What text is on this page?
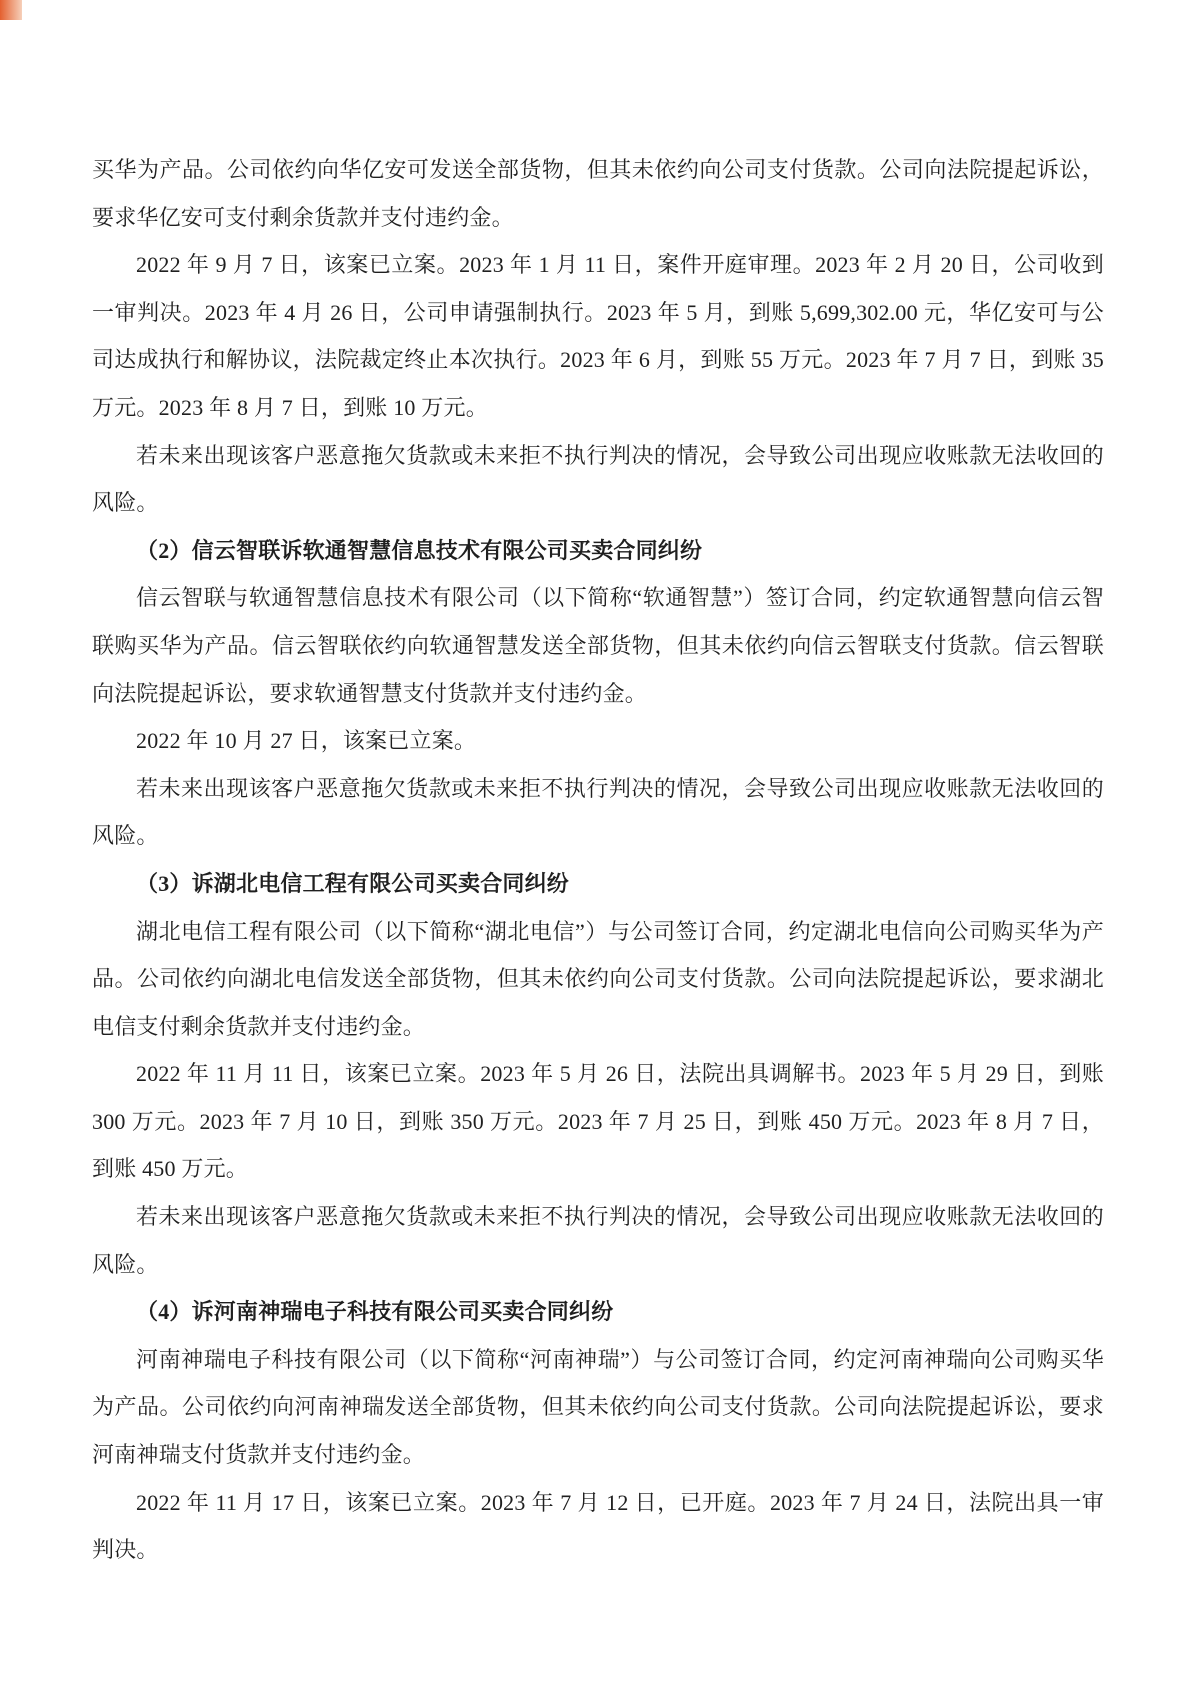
买华为产品。公司依约向华亿安可发送全部货物，但其未依约向公司支付货款。公司向法院提起诉讼，要求华亿安可支付剩余货款并支付违约金。

2022 年 9 月 7 日，该案已立案。2023 年 1 月 11 日，案件开庭审理。2023 年 2 月 20 日，公司收到一审判决。2023 年 4 月 26 日，公司申请强制执行。2023 年 5 月，到账 5,699,302.00 元，华亿安可与公司达成执行和解协议，法院裁定终止本次执行。2023 年 6 月，到账 55 万元。2023 年 7 月 7 日，到账 35 万元。2023 年 8 月 7 日，到账 10 万元。

若未来出现该客户恶意拖欠货款或未来拒不执行判决的情况，会导致公司出现应收账款无法收回的风险。

（2）信云智联诉软通智慧信息技术有限公司买卖合同纠纷

信云智联与软通智慧信息技术有限公司（以下简称“软通智慧”）签订合同，约定软通智慧向信云智联购买华为产品。信云智联依约向软通智慧发送全部货物，但其未依约向信云智联支付货款。信云智联向法院提起诉讼，要求软通智慧支付货款并支付违约金。

2022 年 10 月 27 日，该案已立案。

若未来出现该客户恶意拖欠货款或未来拒不执行判决的情况，会导致公司出现应收账款无法收回的风险。

（3）诉湖北电信工程有限公司买卖合同纠纷

湖北电信工程有限公司（以下简称“湖北电信”）与公司签订合同，约定湖北电信向公司购买华为产品。公司依约向湖北电信发送全部货物，但其未依约向公司支付货款。公司向法院提起诉讼，要求湖北电信支付剩余货款并支付违约金。

2022 年 11 月 11 日，该案已立案。2023 年 5 月 26 日，法院出具调解书。2023 年 5 月 29 日，到账 300 万元。2023 年 7 月 10 日，到账 350 万元。2023 年 7 月 25 日，到账 450 万元。2023 年 8 月 7 日，到账 450 万元。

若未来出现该客户恶意拖欠货款或未来拒不执行判决的情况，会导致公司出现应收账款无法收回的风险。

（4）诉河南神瑞电子科技有限公司买卖合同纠纷

河南神瑞电子科技有限公司（以下简称“河南神瑞”）与公司签订合同，约定河南神瑞向公司购买华为产品。公司依约向河南神瑞发送全部货物，但其未依约向公司支付货款。公司向法院提起诉讼，要求河南神瑞支付货款并支付违约金。

2022 年 11 月 17 日，该案已立案。2023 年 7 月 12 日，已开庭。2023 年 7 月 24 日，法院出具一审判决。
